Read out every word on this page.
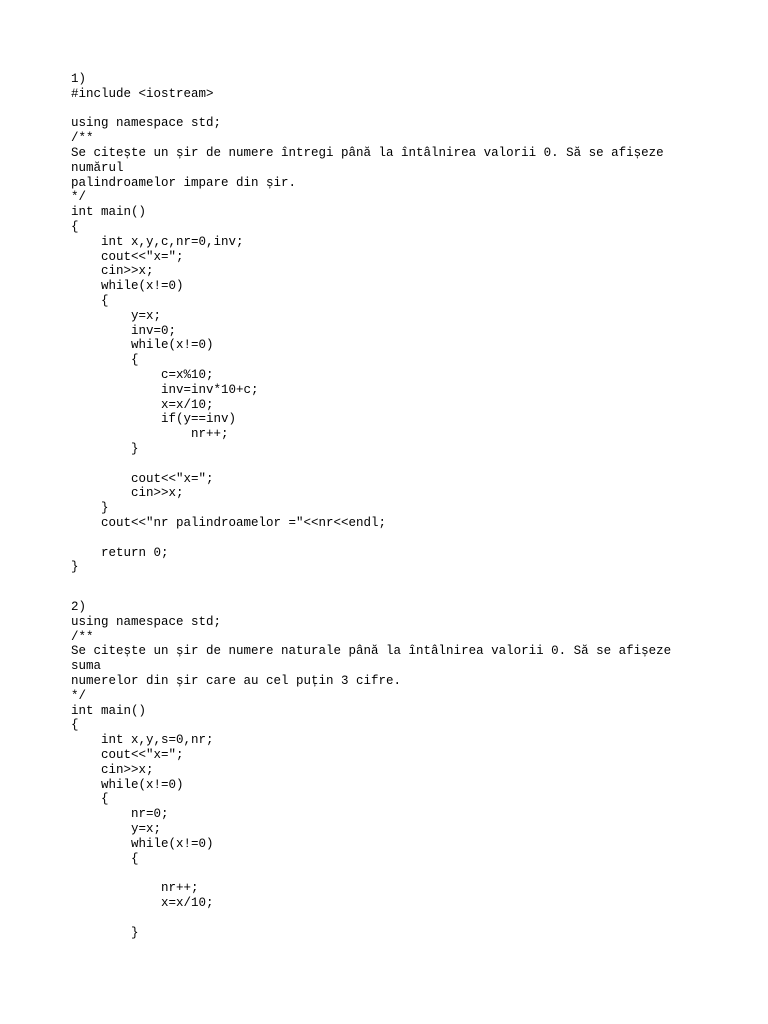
1)
#include <iostream>

using namespace std;
/**
Se citește un șir de numere întregi până la întâlnirea valorii 0. Să se afișeze
numărul
palindroamelor impare din șir.
*/
int main()
{
int x,y,c,nr=0,inv;
cout<<"x=";
cin>>x;
while(x!=0)
{
y=x;
inv=0;
while(x!=0)
{
c=x%10;
inv=inv*10+c;
x=x/10;
if(y==inv)
nr++;
}

cout<<"x=";
cin>>x;
}
cout<<"nr palindroamelor ="<<nr<<endl;

return 0;
}
2)
using namespace std;
/**
Se citește un șir de numere naturale până la întâlnirea valorii 0. Să se afișeze
suma
numerelor din șir care au cel puțin 3 cifre.
*/
int main()
{
int x,y,s=0,nr;
cout<<"x=";
cin>>x;
while(x!=0)
{
nr=0;
y=x;
while(x!=0)
{

nr++;
x=x/10;

}
